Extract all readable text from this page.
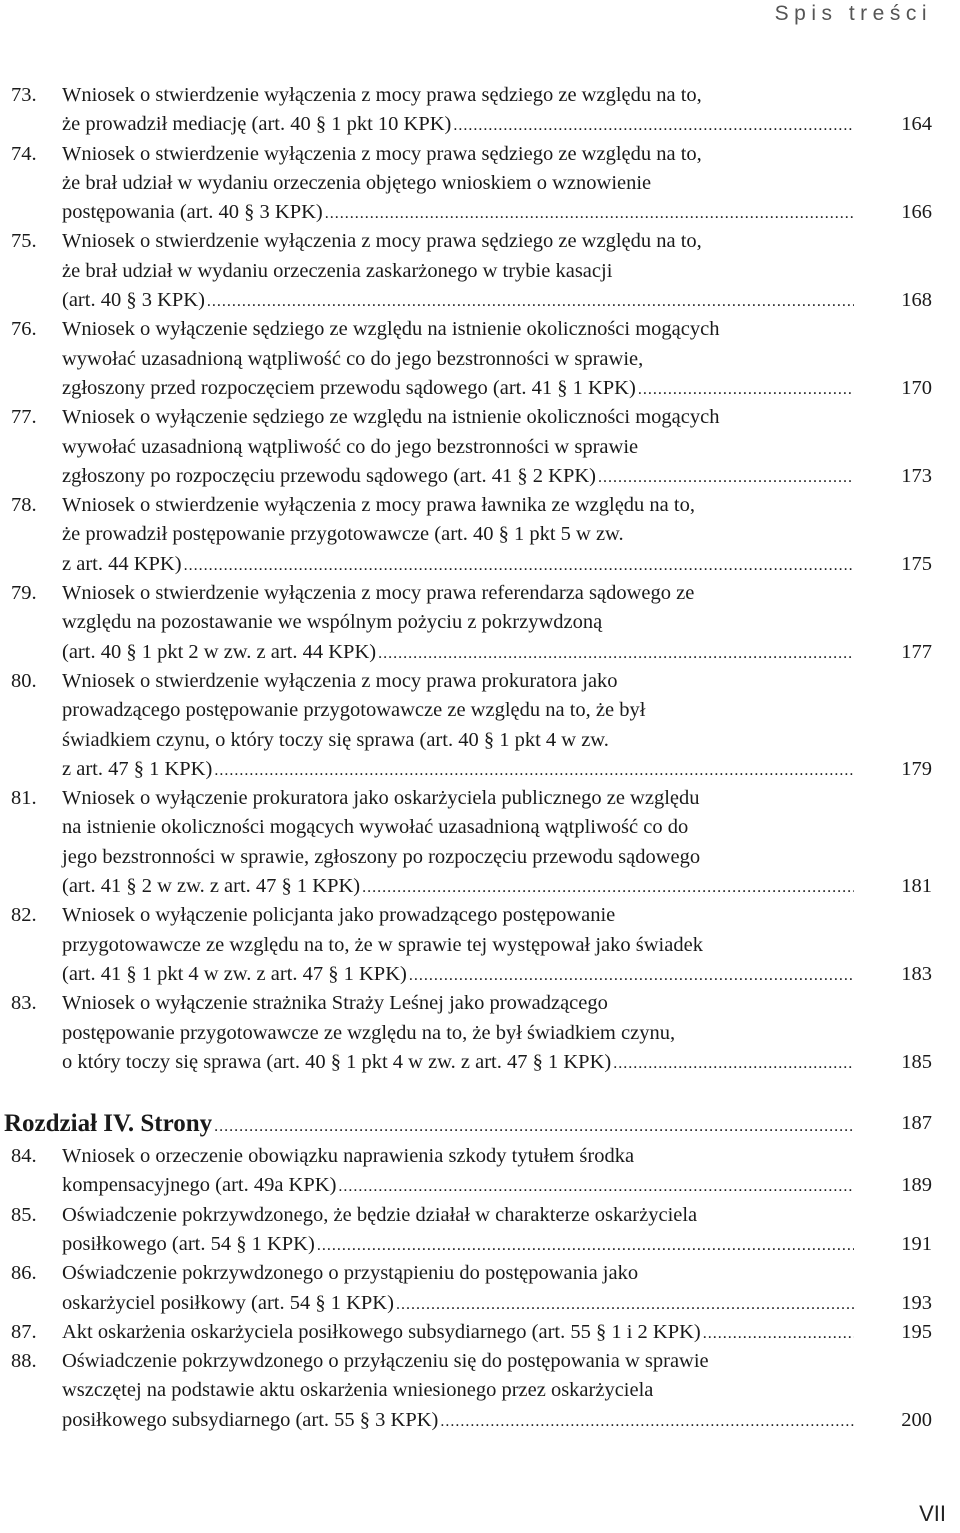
Spis treści
73. Wniosek o stwierdzenie wyłączenia z mocy prawa sędziego ze względu na to,
że prowadził mediację (art. 40 § 1 pkt 10 KPK) .....	164
74. Wniosek o stwierdzenie wyłączenia z mocy prawa sędziego ze względu na to,
że brał udział w wydaniu orzeczenia objętego wnioskiem o wznowienie
postępowania (art. 40 § 3 KPK) .....	166
75. Wniosek o stwierdzenie wyłączenia z mocy prawa sędziego ze względu na to,
że brał udział w wydaniu orzeczenia zaskarżonego w trybie kasacji
(art. 40 § 3 KPK) .....	168
76. Wniosek o wyłączenie sędziego ze względu na istnienie okoliczności mogących
wywołać uzasadnioną wątpliwość co do jego bezstronności w sprawie,
zgłoszony przed rozpoczęciem przewodu sądowego (art. 41 § 1 KPK) .....	170
77. Wniosek o wyłączenie sędziego ze względu na istnienie okoliczności mogących
wywołać uzasadnioną wątpliwość co do jego bezstronności w sprawie
zgłoszony po rozpoczęciu przewodu sądowego (art. 41 § 2 KPK) .....	173
78. Wniosek o stwierdzenie wyłączenia z mocy prawa ławnika ze względu na to,
że prowadził postępowanie przygotowawcze (art. 40 § 1 pkt 5 w zw.
z art. 44 KPK) .....	175
79. Wniosek o stwierdzenie wyłączenia z mocy prawa referendarza sądowego ze
względu na pozostawanie we wspólnym pożyciu z pokrzywdzoną
(art. 40 § 1 pkt 2 w zw. z art. 44 KPK) .....	177
80. Wniosek o stwierdzenie wyłączenia z mocy prawa prokuratora jako
prowadzącego postępowanie przygotowawcze ze względu na to, że był
świadkiem czynu, o który toczy się sprawa (art. 40 § 1 pkt 4 w zw.
z art. 47 § 1 KPK) .....	179
81. Wniosek o wyłączenie prokuratora jako oskarżyciela publicznego ze względu
na istnienie okoliczności mogących wywołać uzasadnioną wątpliwość co do
jego bezstronności w sprawie, zgłoszony po rozpoczęciu przewodu sądowego
(art. 41 § 2 w zw. z art. 47 § 1 KPK) .....	181
82. Wniosek o wyłączenie policjanta jako prowadzącego postępowanie
przygotowawcze ze względu na to, że w sprawie tej występował jako świadek
(art. 41 § 1 pkt 4 w zw. z art. 47 § 1 KPK) .....	183
83. Wniosek o wyłączenie strażnika Straży Leśnej jako prowadzącego
postępowanie przygotowawcze ze względu na to, że był świadkiem czynu,
o który toczy się sprawa (art. 40 § 1 pkt 4 w zw. z art. 47 § 1 KPK) .....	185
Rozdział IV. Strony .....	187
84. Wniosek o orzeczenie obowiązku naprawienia szkody tytułem środka
kompensacyjnego (art. 49a KPK) .....	189
85. Oświadczenie pokrzywdzonego, że będzie działał w charakterze oskarżyciela
posiłkowego (art. 54 § 1 KPK) .....	191
86. Oświadczenie pokrzywdzonego o przystąpieniu do postępowania jako
oskarżyciel posiłkowy (art. 54 § 1 KPK) .....	193
87. Akt oskarżenia oskarżyciela posiłkowego subsydiarnego (art. 55 § 1 i 2 KPK) .....	195
88. Oświadczenie pokrzywdzonego o przyłączeniu się do postępowania w sprawie
wszczętej na podstawie aktu oskarżenia wniesionego przez oskarżyciela
posiłkowego subsydiarnego (art. 55 § 3 KPK) .....	200
VII
